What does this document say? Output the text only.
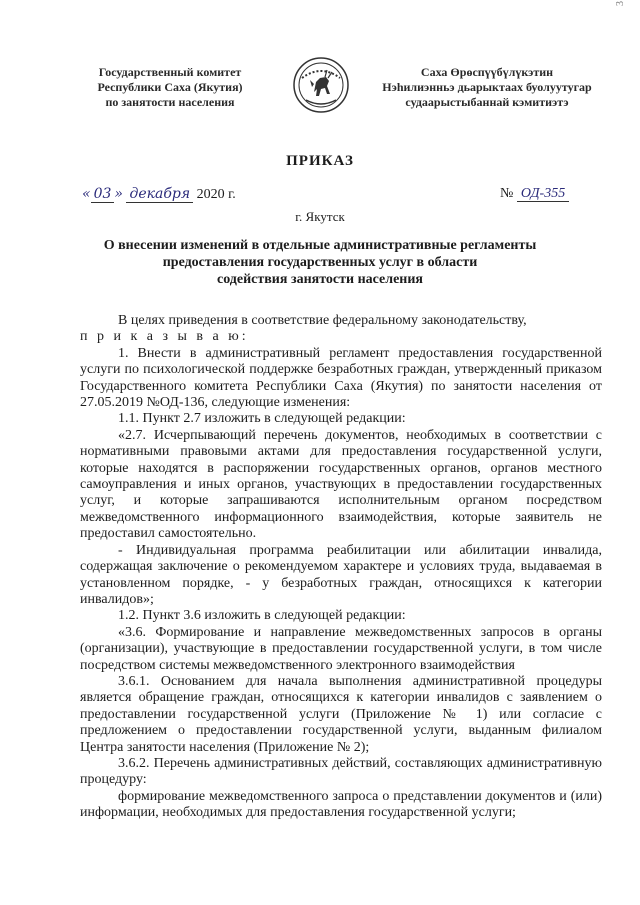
3
Государственный комитет
Республики Саха (Якутия)
по занятости населения
Саха Өрөспүүбүлүкэтин
Нэһилиэнньэ дьарыктаах буолуутугар
судаарыстыбаннай кэмитиэтэ
ПРИКАЗ
« 03 » декабря 2020 г.	№ ОД-355
г. Якутск
О внесении изменений в отдельные административные регламенты
предоставления государственных услуг в области
содействия занятости населения

В целях приведения в соответствие федеральному законодательству,

п р и к а з ы в а ю:

1. Внести в административный регламент предоставления государственной услуги по психологической поддержке безработных граждан, утвержденный приказом Государственного комитета Республики Саха (Якутия) по занятости населения от 27.05.2019 №ОД-136, следующие изменения:

1.1. Пункт 2.7 изложить в следующей редакции:

«2.7. Исчерпывающий перечень документов, необходимых в соответствии с нормативными правовыми актами для предоставления государственной услуги, которые находятся в распоряжении государственных органов, органов местного самоуправления и иных органов, участвующих в предоставлении государственных услуг, и которые запрашиваются исполнительным органом посредством межведомственного информационного взаимодействия, которые заявитель не предоставил самостоятельно.

- Индивидуальная программа реабилитации или абилитации инвалида, содержащая заключение о рекомендуемом характере и условиях труда, выдаваемая в установленном порядке, - у безработных граждан, относящихся к категории инвалидов»;

1.2. Пункт 3.6 изложить в следующей редакции:

«3.6. Формирование и направление межведомственных запросов в органы (организации), участвующие в предоставлении государственной услуги, в том числе посредством системы межведомственного электронного взаимодействия

3.6.1. Основанием для начала выполнения административной процедуры является обращение граждан, относящихся к категории инвалидов с заявлением о предоставлении государственной услуги (Приложение № 1) или согласие с предложением о предоставлении государственной услуги, выданным филиалом Центра занятости населения (Приложение № 2);

3.6.2. Перечень административных действий, составляющих административную процедуру:

формирование межведомственного запроса о представлении документов и (или) информации, необходимых для предоставления государственной услуги;
